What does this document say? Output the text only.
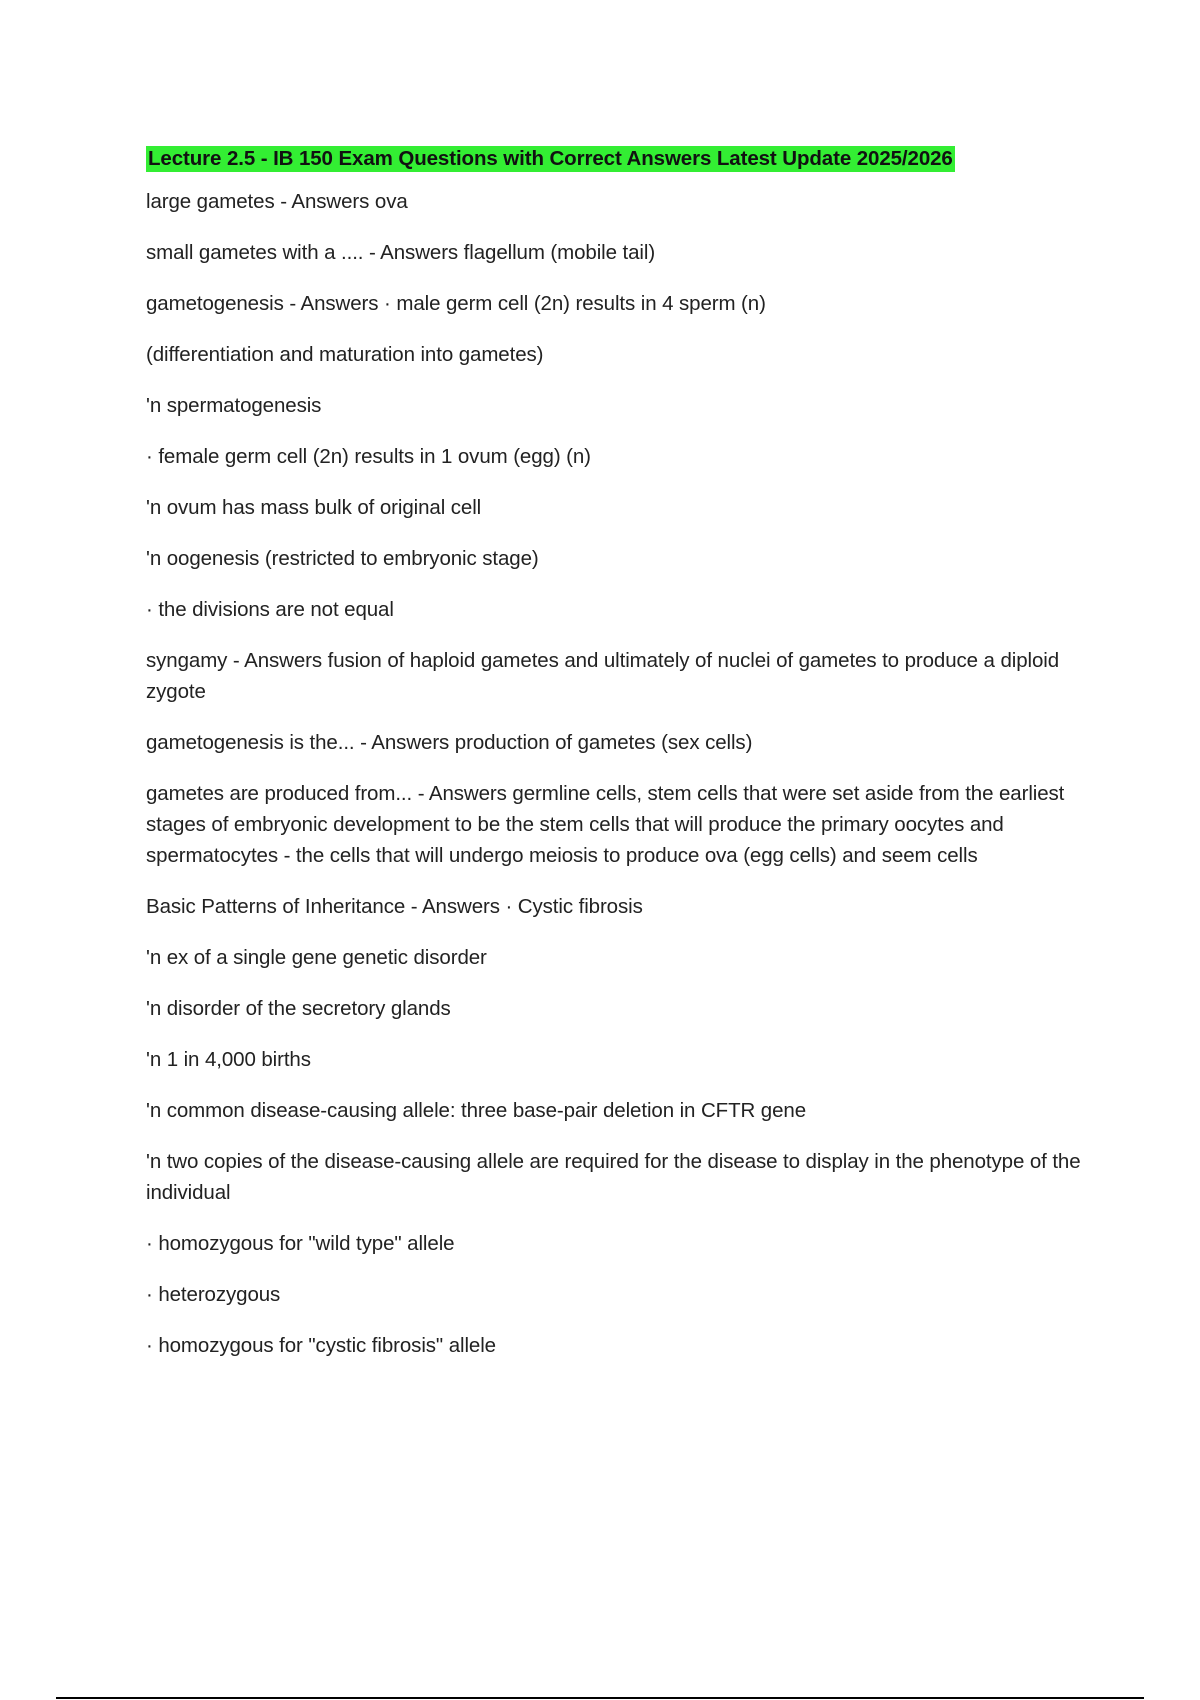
Lecture 2.5 - IB 150 Exam Questions with Correct Answers Latest Update 2025/2026
large gametes - Answers ova
small gametes with a .... - Answers flagellum (mobile tail)
gametogenesis - Answers · male germ cell (2n) results in 4 sperm (n)
(differentiation and maturation into gametes)
'n spermatogenesis
· female germ cell (2n) results in 1 ovum (egg) (n)
'n ovum has mass bulk of original cell
'n oogenesis (restricted to embryonic stage)
· the divisions are not equal
syngamy - Answers fusion of haploid gametes and ultimately of nuclei of gametes to produce a diploid zygote
gametogenesis is the... - Answers production of gametes (sex cells)
gametes are produced from... - Answers germline cells, stem cells that were set aside from the earliest stages of embryonic development to be the stem cells that will produce the primary oocytes and spermatocytes - the cells that will undergo meiosis to produce ova (egg cells) and seem cells
Basic Patterns of Inheritance - Answers · Cystic fibrosis
'n ex of a single gene genetic disorder
'n disorder of the secretory glands
'n 1 in 4,000 births
'n common disease-causing allele: three base-pair deletion in CFTR gene
'n two copies of the disease-causing allele are required for the disease to display in the phenotype of the individual
· homozygous for "wild type" allele
· heterozygous
· homozygous for "cystic fibrosis" allele
